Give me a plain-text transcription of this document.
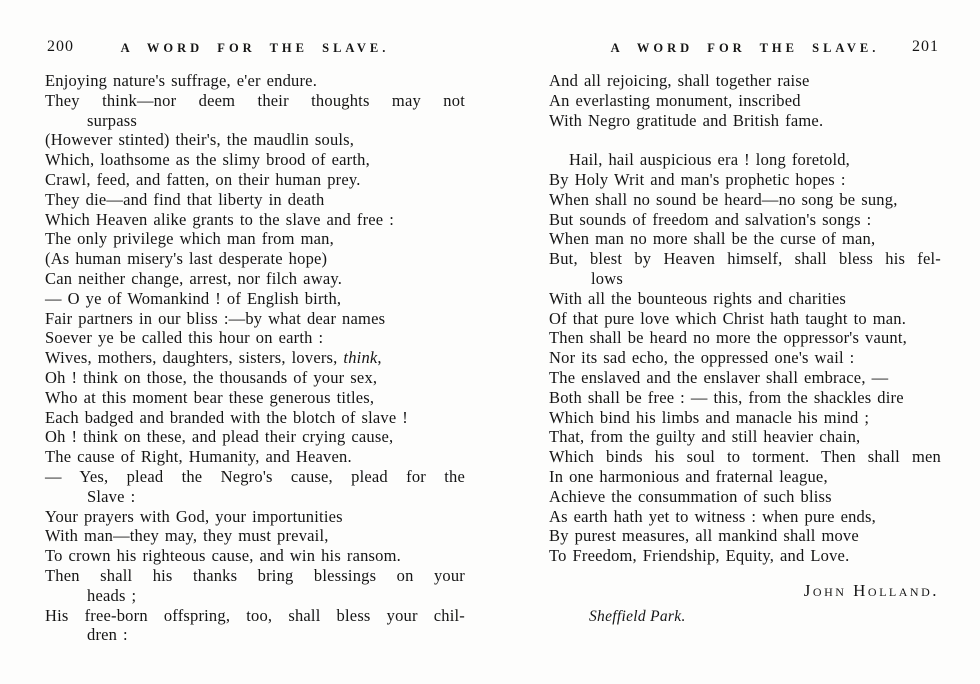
200	A WORD FOR THE SLAVE.
Enjoying nature's suffrage, e'er endure.
They think—nor deem their thoughts may not
surpass
(However stinted) their's, the maudlin souls,
Which, loathsome as the slimy brood of earth,
Crawl, feed, and fatten, on their human prey.
They die—and find that liberty in death
Which Heaven alike grants to the slave and free :
The only privilege which man from man,
(As human misery's last desperate hope)
Can neither change, arrest, nor filch away.
— O ye of Womankind ! of English birth,
Fair partners in our bliss :—by what dear names
Soever ye be called this hour on earth :
Wives, mothers, daughters, sisters, lovers, think,
Oh ! think on those, the thousands of your sex,
Who at this moment bear these generous titles,
Each badged and branded with the blotch of slave !
Oh ! think on these, and plead their crying cause,
The cause of Right, Humanity, and Heaven.
— Yes, plead the Negro's cause, plead for the
Slave :
Your prayers with God, your importunities
With man—they may, they must prevail,
To crown his righteous cause, and win his ransom.
Then shall his thanks bring blessings on your
heads ;
His free-born offspring, too, shall bless your chil-
dren :
A WORD FOR THE SLAVE.	201
And all rejoicing, shall together raise
An everlasting monument, inscribed
With Negro gratitude and British fame.
Hail, hail auspicious era ! long foretold,
By Holy Writ and man's prophetic hopes :
When shall no sound be heard—no song be sung,
But sounds of freedom and salvation's songs :
When man no more shall be the curse of man,
But, blest by Heaven himself, shall bless his fel-
lows
With all the bounteous rights and charities
Of that pure love which Christ hath taught to man.
Then shall be heard no more the oppressor's vaunt,
Nor its sad echo, the oppressed one's wail :
The enslaved and the enslaver shall embrace, —
Both shall be free : — this, from the shackles dire
Which bind his limbs and manacle his mind ;
That, from the guilty and still heavier chain,
Which binds his soul to torment. Then shall men
In one harmonious and fraternal league,
Achieve the consummation of such bliss
As earth hath yet to witness : when pure ends,
By purest measures, all mankind shall move
To Freedom, Friendship, Equity, and Love.
John Holland.
Sheffield Park.
